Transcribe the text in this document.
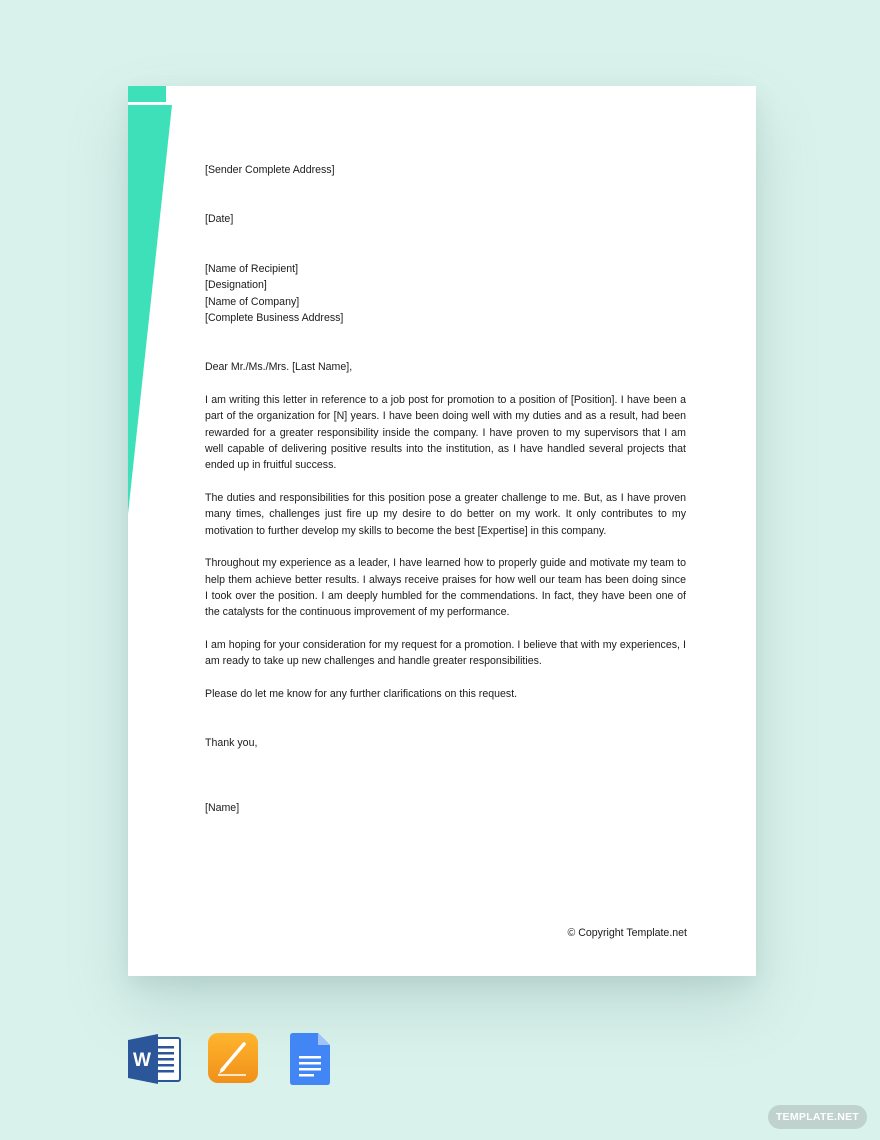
[Sender Complete Address]

[Date]

[Name of Recipient]

[Designation]

[Name of Company]

[Complete Business Address]

Dear Mr./Ms./Mrs. [Last Name],

I am writing this letter in reference to a job post for promotion to a position of [Position]. I have been a part of the organization for [N] years. I have been doing well with my duties and as a result, had been rewarded for a greater responsibility inside the company. I have proven to my supervisors that I am well capable of delivering positive results into the institution, as I have handled several projects that ended up in fruitful success.

The duties and responsibilities for this position pose a greater challenge to me. But, as I have proven many times, challenges just fire up my desire to do better on my work. It only contributes to my motivation to further develop my skills to become the best [Expertise] in this company.

Throughout my experience as a leader, I have learned how to properly guide and motivate my team to help them achieve better results. I always receive praises for how well our team has been doing since I took over the position. I am deeply humbled for the commendations. In fact, they have been one of the catalysts for the continuous improvement of my performance.

I am hoping for your consideration for my request for a promotion. I believe that with my experiences, I am ready to take up new challenges and handle greater responsibilities.

Please do let me know for any further clarifications on this request.

Thank you,

[Name]

© Copyright Template.net
W
TEMPLATE.NET
